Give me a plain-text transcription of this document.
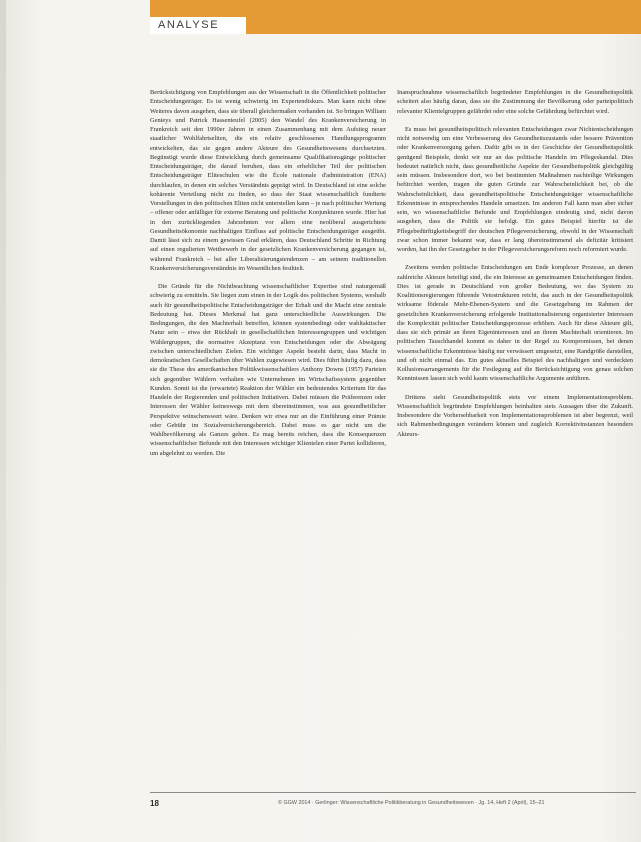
ANALYSE

Berücksichtigung von Empfehlungen aus der Wissenschaft in die Öffentlichkeit politischer Entscheidungsträger. Es ist wenig schwierig im Expertendiskurs. Man kann nicht ohne Weiteres davon ausgehen, dass sie überall gleichermaßen vorhanden ist. So bringen William Genieys und Patrick Hassenteufel (2005) den Wandel des Krankenversicherung in Frankreich seit den 1990er Jahren in einen Zusammenhang mit dem Aufstieg neuer staatlicher Wohlfahrtseliten, die ein relativ geschlossenes Handlungsprogramm entwickelten, das sie gegen andere Akteure des Gesundheitswesens durchsetzten. Begünstigt wurde diese Entwicklung durch gemeinsame Qualifikationsgänge politischer Entscheidungsträger, die darauf beruhen, dass ein erheblicher Teil der politischen Entscheidungsträger Eliteschulen wie die École nationale d'administration (ENA) durchlaufen, in denen ein solches Verständnis geprägt wird. In Deutschland ist eine solche kohärente Verteilung nicht zu finden, so dass der Staat wissenschaftlich fundierte Vorstellungen in den politischen Eliten nicht unterstellen kann – je nach politischer Wertung – offener oder anfälliger für externe Beratung und politische Konjunkturen wurde. Hier hat in den zurückliegenden Jahrzehnten vor allem eine neoliberal ausgerichtete Gesundheitsökonomie nachhaltigen Einfluss auf politische Entscheidungsträger ausgeübt. Damit lässt sich zu einem gewissen Grad erklären, dass Deutschland Schritte in Richtung auf einen regulierten Wettbewerb in der gesetzlichen Krankenversicherung gegangen ist, während Frankreich – bei aller Liberalisierungstendenzen – am seinem traditionellen Krankenversicherungsverständnis im Wesentlichen festhielt.

Die Gründe für die Nichtbeachtung wissenschaftlicher Expertise sind naturgemäß schwierig zu ermitteln. Sie liegen zum einen in der Logik des politischen Systems, weshalb auch für gesundheitspolitische Entscheidungsträger der Erhalt und die Macht eine zentrale Bedeutung hat. Dieses Merkmal hat ganz unterschiedliche Auswirkungen. Die Bedingungen, die den Machterhalt betreffen, können systembedingt oder wahltaktischer Natur sein – etwa der Rückhalt in gesellschaftlichen Interessengruppen und wichtigen Wählergruppen, die normative Akzeptanz von Entscheidungen oder die Abwägung zwischen unterschiedlichen Zielen. Ein wichtiger Aspekt besteht darin, dass Macht in demokratischen Gesellschaften über Wahlen zugewiesen wird. Dies führt häufig dazu, dass sie die These des amerikanischen Politikwissenschaftlers Anthony Downs (1957) Parteien sich gegenüber Wählern verhalten wie Unternehmen im Wirtschaftssystem gegenüber Kunden. Somit ist die (erwartete) Reaktion der Wähler ein bedeutendes Kriterium für das Handeln der Regierenden und politischen Initiativen. Dabei müssen die Präferenzen oder Interessen der Wähler keineswegs mit dem übereinstimmen, was aus gesundheitlicher Perspektive wünschenswert wäre. Denken wir etwa nur an die Einführung einer Prämie oder Gebühr im Sozialversicherungsbereich. Dabei muss es gar nicht um die Wahlbevölkerung als Ganzes gehen. Es mag bereits reichen, dass die Konsequenzen wissenschaftlicher Befunde mit den Interessen wichtiger Klientelen einer Partei kollidieren, um abgelehnt zu werden. Die

Inanspruchnahme wissenschaftlich begründeter Empfehlungen in die Gesundheitspolitik scheitert also häufig daran, dass sie die Zustimmung der Bevölkerung oder parteipolitisch relevanter Klientelgruppen gefährdet oder eine solche Gefährdung befürchtet wird.

Es muss bei gesundheitspolitisch relevanten Entscheidungen zwar Nichtentscheidungen nicht notwendig um eine Verbesserung des Gesundheitszustands oder bessere Prävention oder Krankenversorgung gehen. Dafür gibt es in der Geschichte der Gesundheitspolitik genügend Beispiele, denkt wir nur an das politische Handeln im Pflegeskandal. Dies bedeutet natürlich nicht, dass gesundheitliche Aspekte der Gesundheitspolitik gleichgültig sein müssen. Insbesondere dort, wo bei bestimmten Maßnahmen nachteilige Wirkungen befürchtet werden, tragen die guten Gründe zur Wahrscheinlichkeit bei, ob die Wahrscheinlichkeit, dass gesundheitspolitische Entscheidungsträger wissenschaftliche Erkenntnisse in entsprechendes Handeln umsetzen. Im anderen Fall kann man aber sicher sein, wo wissenschaftliche Befunde und Empfehlungen eindeutig sind, nicht davon ausgehen, dass die Politik sie befolgt. Ein gutes Beispiel hierfür ist die Pflegebedürftigkeitsbegriff der deutschen Pflegeversicherung, obwohl in der Wissenschaft zwar schon immer bekannt war, dass er lang übereinstimmend als defizitär kritisiert worden, hat ihn der Gesetzgeber in der Pflegeversicherungsreform noch reformiert wurde.

Zweitens werden politische Entscheidungen am Ende komplexer Prozesse, an denen zahlreiche Akteure beteiligt sind, die ein Interesse an gemeinsamen Entscheidungen finden. Dies ist gerade in Deutschland von großer Bedeutung, wo das System zu Koalitionsregierungen führende Vetostrukturen reicht, das auch in der Gesundheitspolitik wirksame föderale Mehr-Ebenen-System und die Gesetzgebung im Rahmen der gesetzlichen Krankenversicherung erfolgende Institutionalisierung organisierter Interessen die Komplexität politischer Entscheidungsprozesse erhöhen. Auch für diese Akteure gilt, dass sie sich primär an ihren Eigeninteressen und an ihrem Machterhalt orientieren. Im politischen Tauschhandel kommt es daher in der Regel zu Kompromissen, bei denen wissenschaftliche Erkenntnisse häufig nur verwässert umgesetzt, eine Randgröße darstellen, und oft nicht einmal das. Ein gutes aktuelles Beispiel des nachhaltigen und verdeckten Kollusionsarrangements für die Festlegung auf die Berücksichtigung von genau solchen Kenntnissen lassen sich wohl kaum wissenschaftliche Argumente anführen.

Drittens steht Gesundheitspolitik stets vor einem Implementationsproblem. Wissenschaftlich begründete Empfehlungen beinhalten stets Aussagen über die Zukunft. Insbesondere die Vorhersehbarkeit von Implementationsproblemen ist aber begrenzt, weil sich Rahmenbedingungen verändern können und zugleich Korrektivinstanzen besonders Akteurs-

18	© GGW 2014 · Gerlinger: Wissenschaftliche Politikberatung in Gesundheitswesen · Jg. 14, Heft 2 (April), 15–21
